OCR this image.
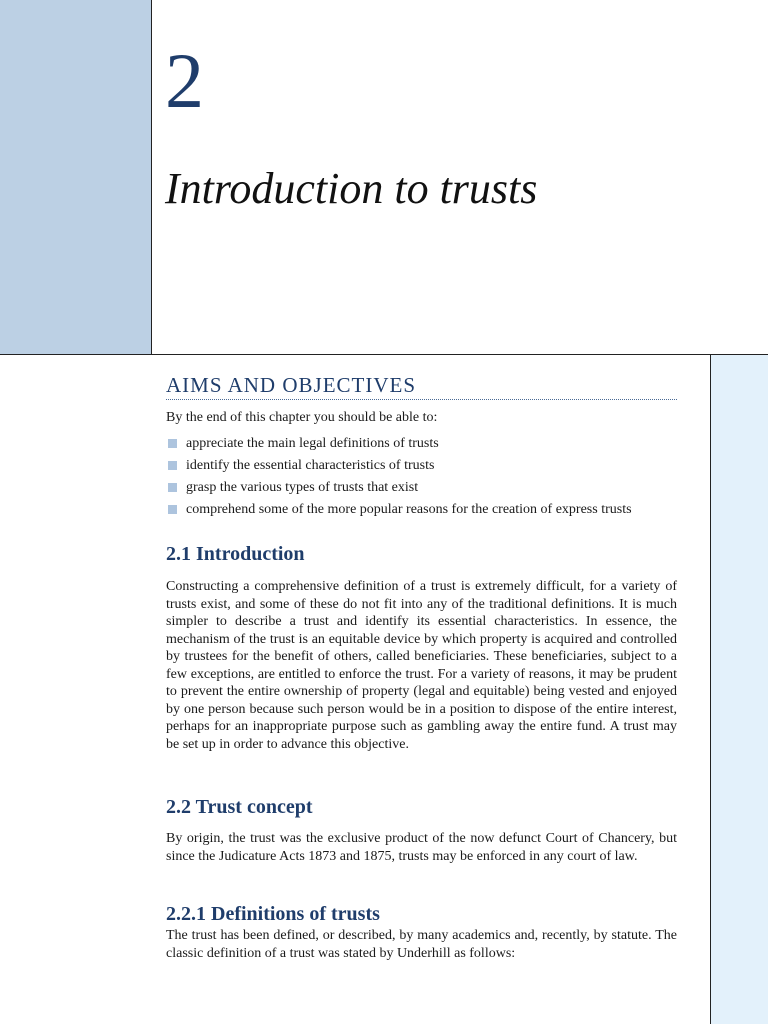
2
Introduction to trusts
AIMS AND OBJECTIVES
By the end of this chapter you should be able to:
appreciate the main legal definitions of trusts
identify the essential characteristics of trusts
grasp the various types of trusts that exist
comprehend some of the more popular reasons for the creation of express trusts
2.1 Introduction

Constructing a comprehensive definition of a trust is extremely difficult, for a variety of trusts exist, and some of these do not fit into any of the traditional definitions. It is much simpler to describe a trust and identify its essential characteristics. In essence, the mechanism of the trust is an equitable device by which property is acquired and controlled by trustees for the benefit of others, called beneficiaries. These beneficiaries, subject to a few exceptions, are entitled to enforce the trust. For a variety of reasons, it may be prudent to prevent the entire ownership of property (legal and equitable) being vested and enjoyed by one person because such person would be in a position to dispose of the entire interest, perhaps for an inappropriate purpose such as gambling away the entire fund. A trust may be set up in order to advance this objective.

2.2 Trust concept

By origin, the trust was the exclusive product of the now defunct Court of Chancery, but since the Judicature Acts 1873 and 1875, trusts may be enforced in any court of law.

2.2.1 Definitions of trusts

The trust has been defined, or described, by many academics and, recently, by statute. The classic definition of a trust was stated by Underhill as follows:
